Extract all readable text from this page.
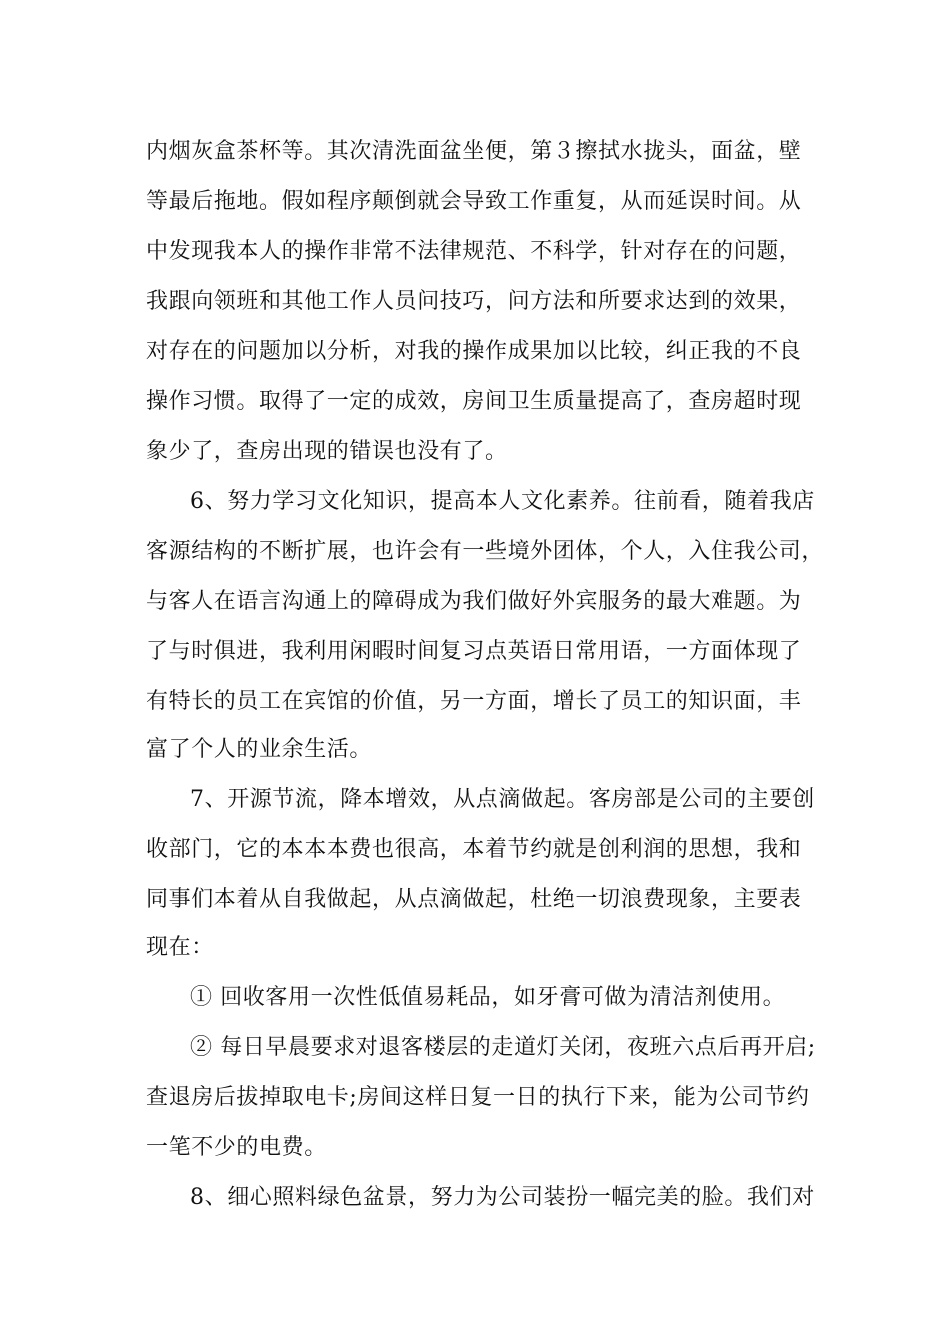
内烟灰盒茶杯等。其次清洗面盆坐便，第３擦拭水拢头，面盆，壁

等最后拖地。假如程序颠倒就会导致工作重复，从而延误时间。从

中发现我本人的操作非常不法律规范、不科学，针对存在的问题，

我跟向领班和其他工作人员问技巧，问方法和所要求达到的效果，

对存在的问题加以分析，对我的操作成果加以比较，纠正我的不良

操作习惯。取得了一定的成效，房间卫生质量提高了，查房超时现

象少了，查房出现的错误也没有了。

6、努力学习文化知识，提高本人文化素养。往前看，随着我店

客源结构的不断扩展，也许会有一些境外团体，个人，入住我公司，

与客人在语言沟通上的障碍成为我们做好外宾服务的最大难题。为

了与时俱进，我利用闲暇时间复习点英语日常用语，一方面体现了

有特长的员工在宾馆的价值，另一方面，增长了员工的知识面，丰

富了个人的业余生活。

7、开源节流，降本增效，从点滴做起。客房部是公司的主要创

收部门，它的本本本费也很高，本着节约就是创利润的思想，我和

同事们本着从自我做起，从点滴做起，杜绝一切浪费现象，主要表

现在：

① 回收客用一次性低值易耗品，如牙膏可做为清洁剂使用。

② 每日早晨要求对退客楼层的走道灯关闭，夜班六点后再开启;

查退房后拔掉取电卡;房间这样日复一日的执行下来，能为公司节约

一笔不少的电费。

8、细心照料绿色盆景，努力为公司装扮一幅完美的脸。我们对
